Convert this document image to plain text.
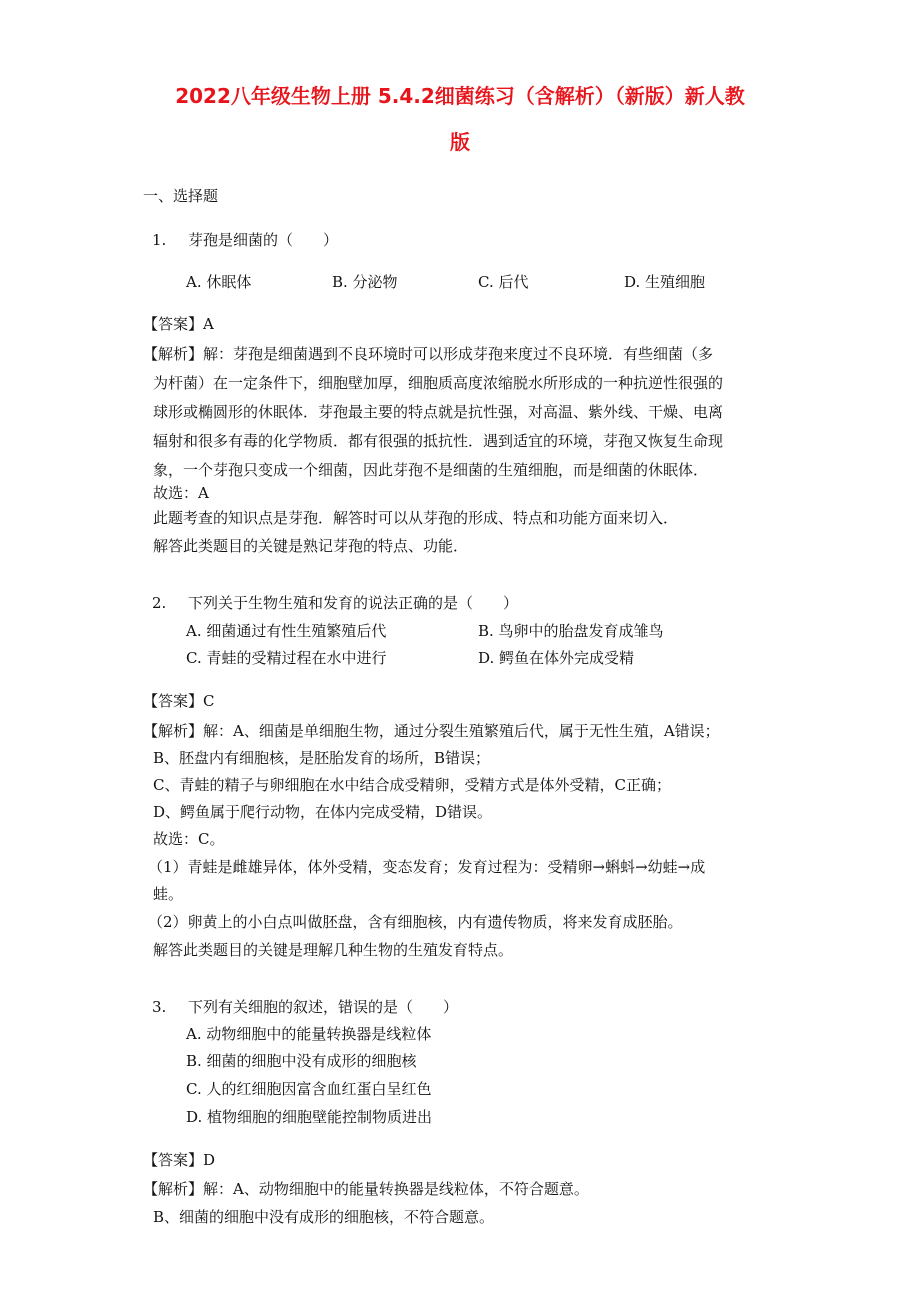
2022八年级生物上册 5.4.2细菌练习（含解析）（新版）新人教
版
一、选择题
1. 芽孢是细菌的（　　）
A. 休眠体	B. 分泌物	C. 后代	D. 生殖细胞
【答案】A
【解析】解：芽孢是细菌遇到不良环境时可以形成芽孢来度过不良环境．有些细菌（多
为杆菌）在一定条件下，细胞壁加厚，细胞质高度浓缩脱水所形成的一种抗逆性很强的
球形或椭圆形的休眠体．芽孢最主要的特点就是抗性强，对高温、紫外线、干燥、电离
辐射和很多有毒的化学物质．都有很强的抵抗性．遇到适宜的环境，芽孢又恢复生命现
象，一个芽孢只变成一个细菌，因此芽孢不是细菌的生殖细胞，而是细菌的休眠体．
故选：A
此题考查的知识点是芽孢．解答时可以从芽孢的形成、特点和功能方面来切入．
解答此类题目的关键是熟记芽孢的特点、功能．
2. 下列关于生物生殖和发育的说法正确的是（　　）
A. 细菌通过有性生殖繁殖后代	B. 鸟卵中的胎盘发育成雏鸟
C. 青蛙的受精过程在水中进行	D. 鳄鱼在体外完成受精
【答案】C
【解析】解：A、细菌是单细胞生物，通过分裂生殖繁殖后代，属于无性生殖，A错误；
B、胚盘内有细胞核，是胚胎发育的场所，B错误；
C、青蛙的精子与卵细胞在水中结合成受精卵，受精方式是体外受精，C正确；
D、鳄鱼属于爬行动物，在体内完成受精，D错误。
故选：C。
（1）青蛙是雌雄异体，体外受精，变态发育；发育过程为：受精卵→蝌蚪→幼蛙→成
蛙。
（2）卵黄上的小白点叫做胚盘，含有细胞核，内有遗传物质，将来发育成胚胎。
解答此类题目的关键是理解几种生物的生殖发育特点。
3. 下列有关细胞的叙述，错误的是（　　）
A. 动物细胞中的能量转换器是线粒体
B. 细菌的细胞中没有成形的细胞核
C. 人的红细胞因富含血红蛋白呈红色
D. 植物细胞的细胞壁能控制物质进出
【答案】D
【解析】解：A、动物细胞中的能量转换器是线粒体，不符合题意。
B、细菌的细胞中没有成形的细胞核，不符合题意。
